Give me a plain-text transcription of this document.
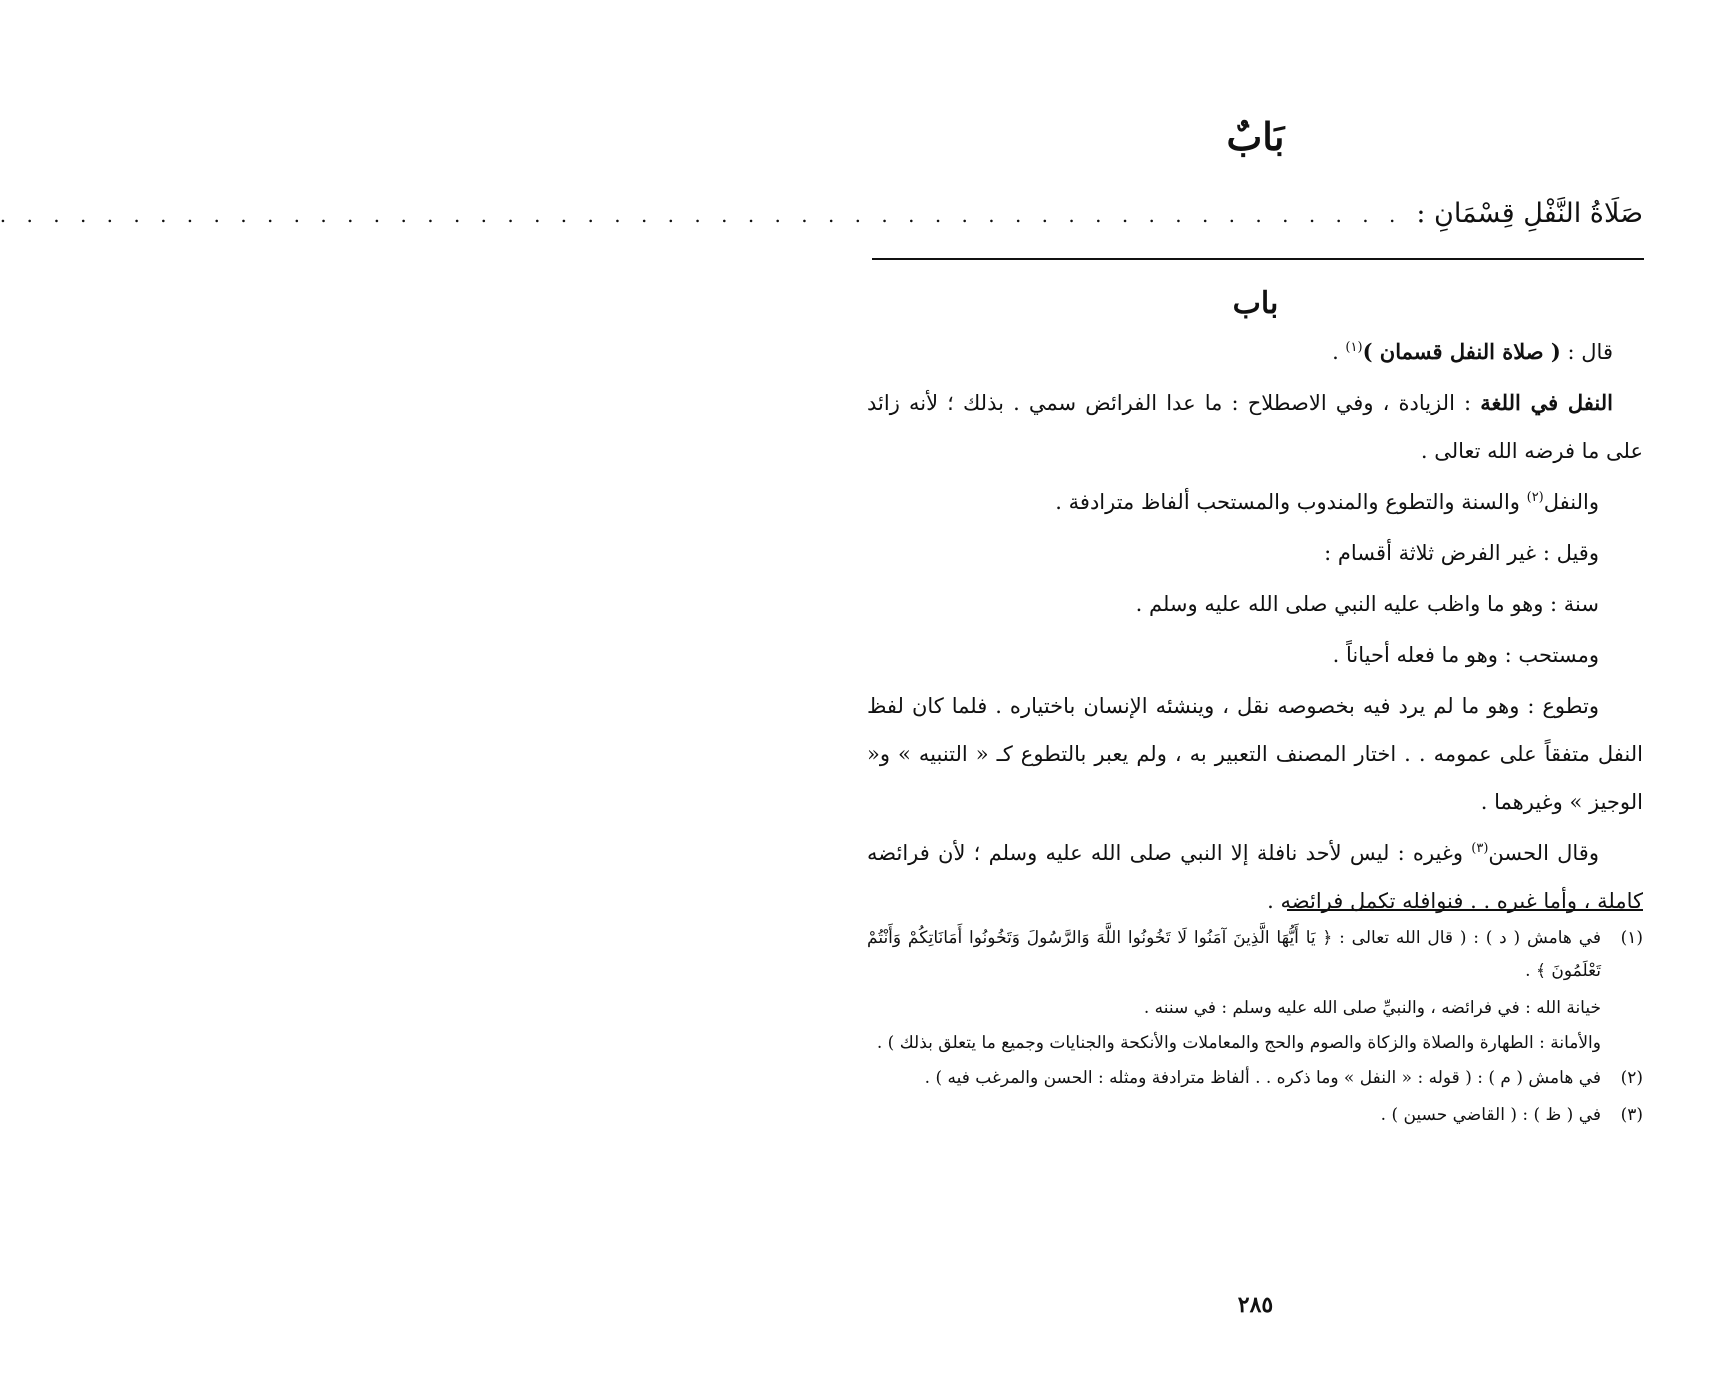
بَابٌ
صَلَاةُ النَّفْلِ قِسْمَانِ :
. . . . . . . . . . . . . . . . . . . . . . . . . . . . . . . . . . . . . . . . . . . . . . . . . . . . .
باب

قال : ( صلاة النفل قسمان )$^{(١)}$ .

النفل في اللغة : الزيادة ، وفي الاصطلاح : ما عدا الفرائض سمي . بذلك ؛ لأنه زائد على ما فرضه الله تعالى .

والنفل$^{(٢)}$ والسنة والتطوع والمندوب والمستحب ألفاظ مترادفة .

وقيل : غير الفرض ثلاثة أقسام :

سنة : وهو ما واظب عليه النبي صلى الله عليه وسلم .

ومستحب : وهو ما فعله أحياناً .

وتطوع : وهو ما لم يرد فيه بخصوصه نقل ، وينشئه الإنسان باختياره . فلما كان لفظ النفل متفقاً على عمومه . . اختار المصنف التعبير به ، ولم يعبر بالتطوع كـ « التنبيه » و« الوجيز » وغيرهما .

وقال الحسن$^{(٣)}$ وغيره : ليس لأحد نافلة إلا النبي صلى الله عليه وسلم ؛ لأن فرائضه كاملة ، وأما غيره . . فنوافله تكمل فرائضه .

(١)
في هامش ( د ) : ( قال الله تعالى : ﴿ يَا أَيُّهَا الَّذِينَ آمَنُوا لَا تَخُونُوا اللَّهَ وَالرَّسُولَ وَتَخُونُوا أَمَانَاتِكُمْ وَأَنْتُمْ تَعْلَمُونَ ﴾ .

خيانة الله : في فرائضه ، والنبيِّ صلى الله عليه وسلم : في سننه .

والأمانة : الطهارة والصلاة والزكاة والصوم والحج والمعاملات والأنكحة والجنايات وجميع ما يتعلق بذلك ) .

(٢)
في هامش ( م ) : ( قوله : « النفل » وما ذكره . . ألفاظ مترادفة ومثله : الحسن والمرغب فيه ) .
(٣)
في ( ظ ) : ( القاضي حسين ) .
٢٨٥
